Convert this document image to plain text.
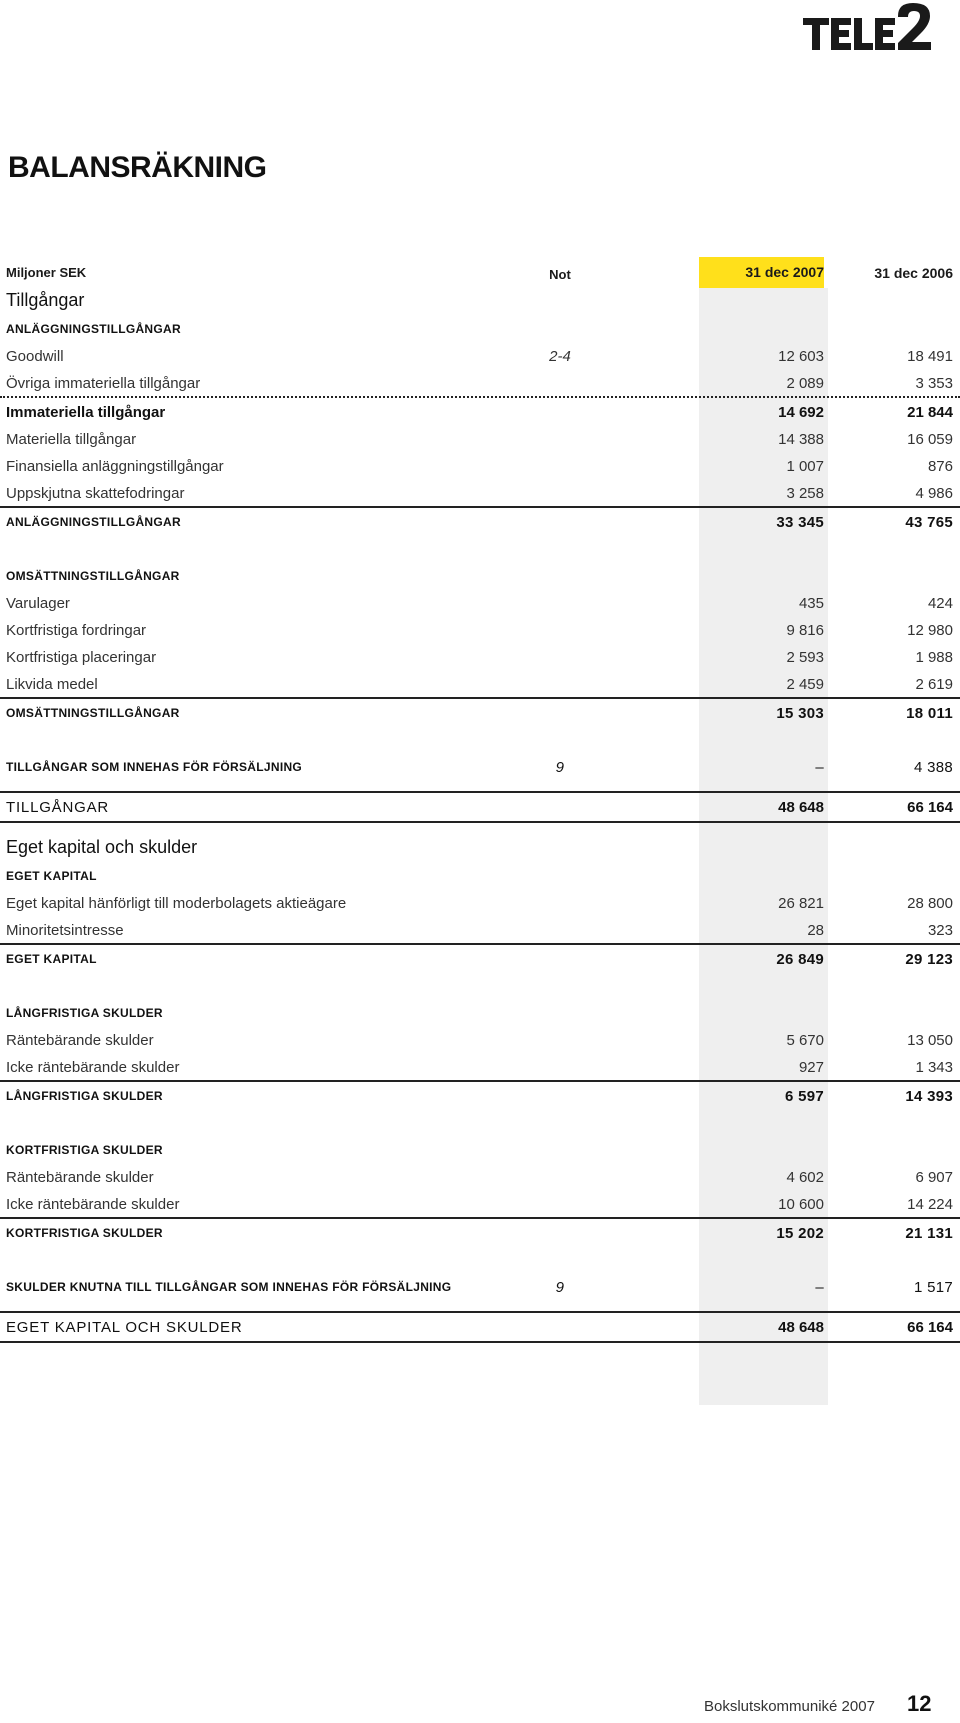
BALANSRÄKNING
Miljoner SEK	Not	31 dec 2007	31 dec 2006
Tillgångar
ANLÄGGNINGSTILLGÅNGAR
Goodwill	2-4	12 603	18 491
Övriga immateriella tillgångar	2 089	3 353
Immateriella tillgångar	14 692	21 844
Materiella tillgångar	14 388	16 059
Finansiella anläggningstillgångar	1 007	876
Uppskjutna skattefodringar	3 258	4 986
ANLÄGGNINGSTILLGÅNGAR	33 345	43 765
OMSÄTTNINGSTILLGÅNGAR
Varulager	435	424
Kortfristiga fordringar	9 816	12 980
Kortfristiga placeringar	2 593	1 988
Likvida medel	2 459	2 619
OMSÄTTNINGSTILLGÅNGAR	15 303	18 011
TILLGÅNGAR SOM INNEHAS FÖR FÖRSÄLJNING	9	–	4 388
TILLGÅNGAR	48 648	66 164
Eget kapital och skulder
EGET KAPITAL
Eget kapital hänförligt till moderbolagets aktieägare	26 821	28 800
Minoritetsintresse	28	323
EGET KAPITAL	26 849	29 123
LÅNGFRISTIGA SKULDER
Räntebärande skulder	5 670	13 050
Icke räntebärande skulder	927	1 343
LÅNGFRISTIGA SKULDER	6 597	14 393
KORTFRISTIGA SKULDER
Räntebärande skulder	4 602	6 907
Icke räntebärande skulder	10 600	14 224
KORTFRISTIGA SKULDER	15 202	21 131
SKULDER KNUTNA TILL TILLGÅNGAR SOM INNEHAS FÖR FÖRSÄLJNING	9	–	1 517
EGET KAPITAL OCH SKULDER	48 648	66 164
Bokslutskommuniké 2007 12
